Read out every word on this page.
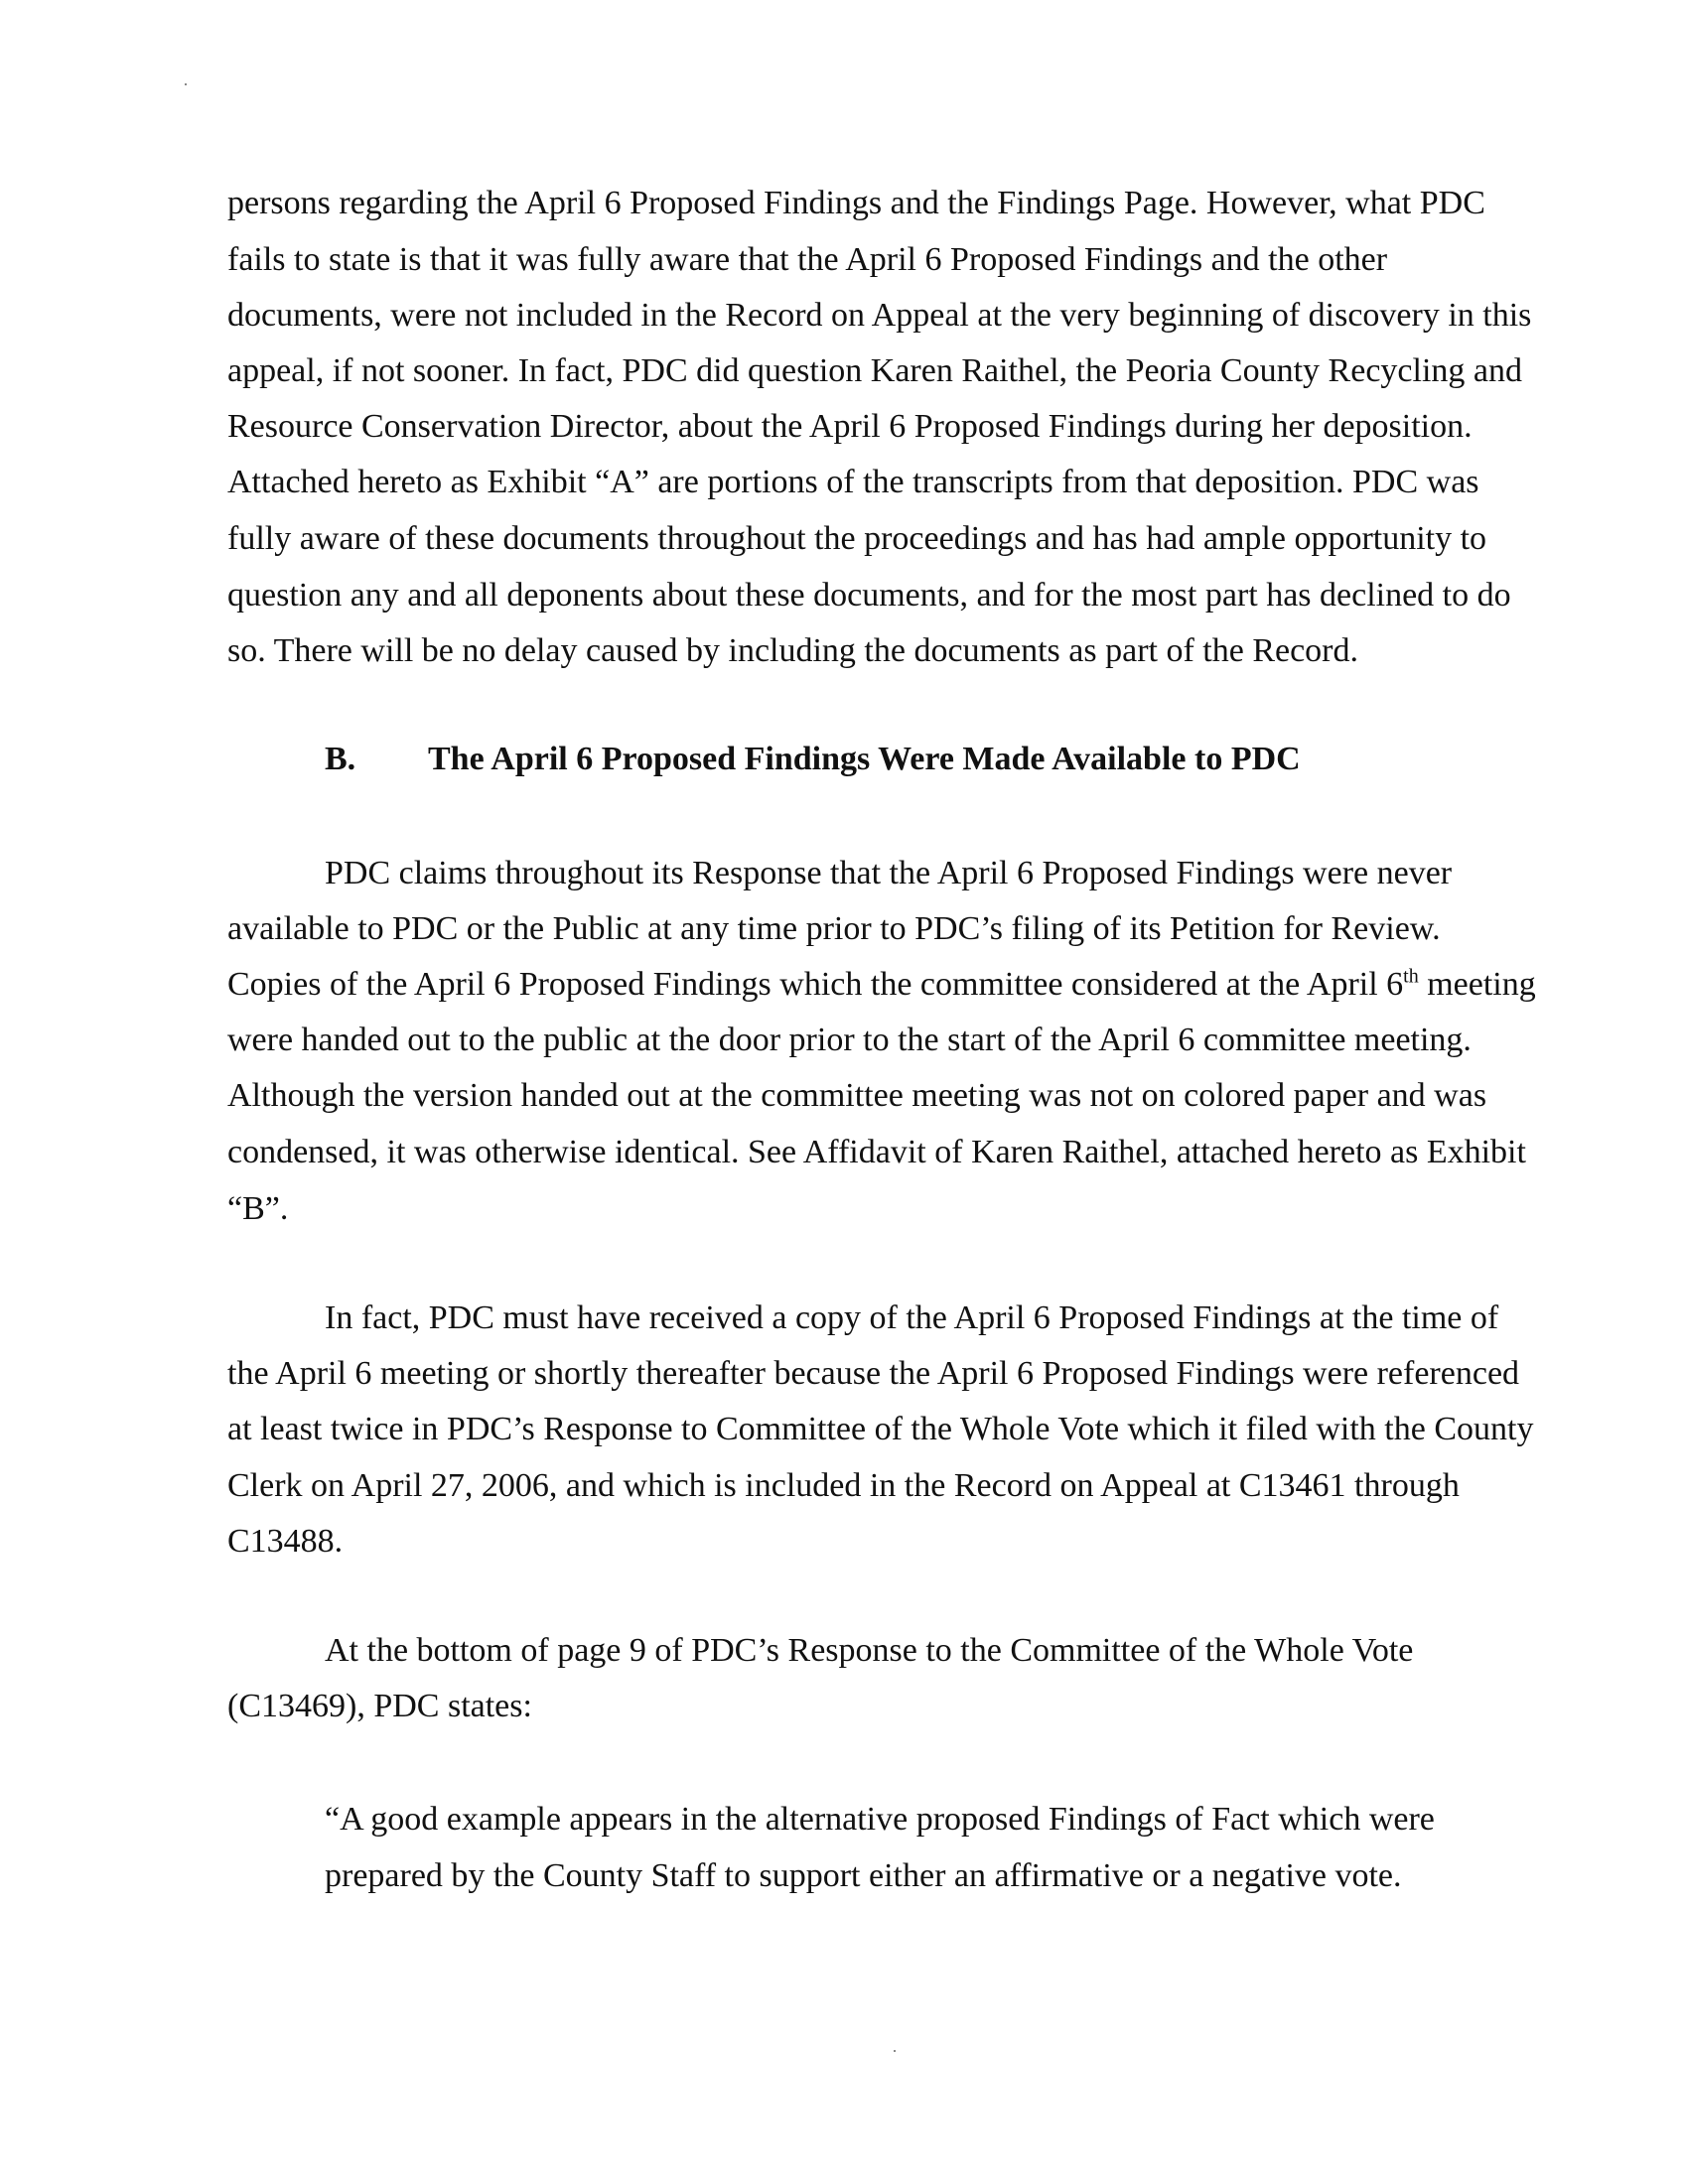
persons regarding the April 6 Proposed Findings and the Findings Page. However, what PDC
fails to state is that it was fully aware that the April 6 Proposed Findings and the other
documents, were not included in the Record on Appeal at the very beginning of discovery in this
appeal, if not sooner. In fact, PDC did question Karen Raithel, the Peoria County Recycling and
Resource Conservation Director, about the April 6 Proposed Findings during her deposition.
Attached hereto as Exhibit “A” are portions of the transcripts from that deposition. PDC was
fully aware of these documents throughout the proceedings and has had ample opportunity to
question any and all deponents about these documents, and for the most part has declined to do
so. There will be no delay caused by including the documents as part of the Record.
B. The April 6 Proposed Findings Were Made Available to PDC
PDC claims throughout its Response that the April 6 Proposed Findings were never
available to PDC or the Public at any time prior to PDC’s filing of its Petition for Review.
Copies of the April 6 Proposed Findings which the committee considered at the April 6th meeting
were handed out to the public at the door prior to the start of the April 6 committee meeting.
Although the version handed out at the committee meeting was not on colored paper and was
condensed, it was otherwise identical. See Affidavit of Karen Raithel, attached hereto as Exhibit
“B”.
In fact, PDC must have received a copy of the April 6 Proposed Findings at the time of
the April 6 meeting or shortly thereafter because the April 6 Proposed Findings were referenced
at least twice in PDC’s Response to Committee of the Whole Vote which it filed with the County
Clerk on April 27, 2006, and which is included in the Record on Appeal at C13461 through
C13488.
At the bottom of page 9 of PDC’s Response to the Committee of the Whole Vote
(C13469), PDC states:
“A good example appears in the alternative proposed Findings of Fact which were
prepared by the County Staff to support either an affirmative or a negative vote.
